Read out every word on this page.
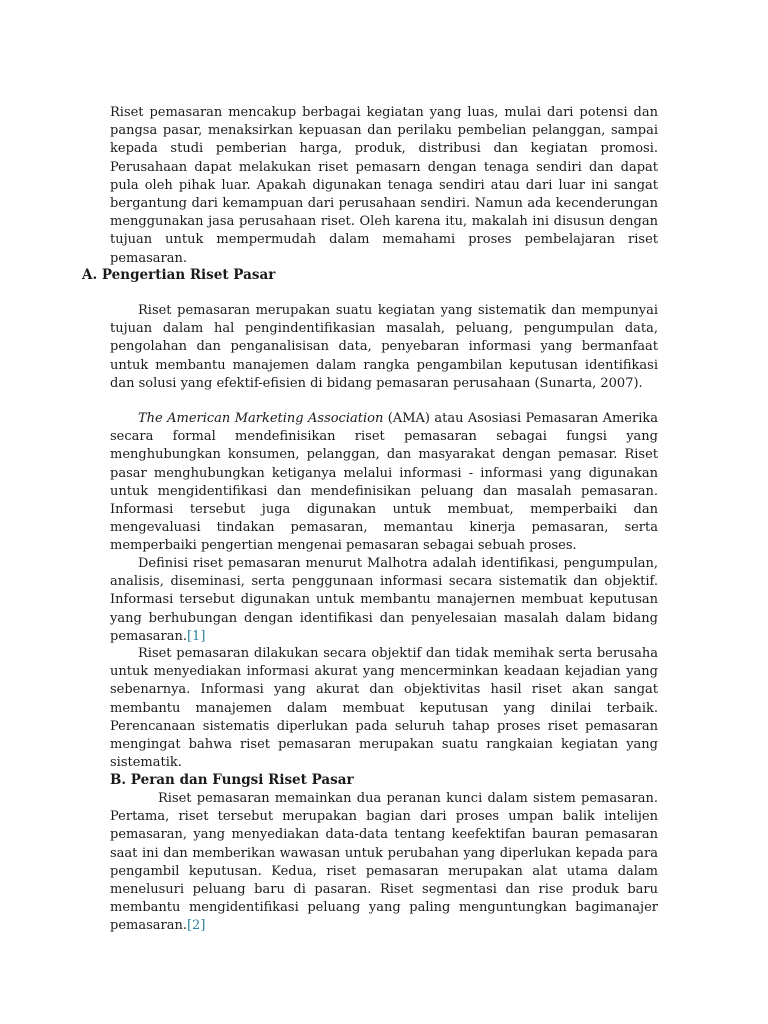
Riset pemasaran mencakup berbagai kegiatan yang luas, mulai dari potensi dan pangsa pasar, menaksirkan kepuasan dan perilaku pembelian pelanggan, sampai kepada studi pemberian harga, produk, distribusi dan kegiatan promosi. Perusahaan dapat melakukan riset pemasarn dengan tenaga sendiri dan dapat pula oleh pihak luar. Apakah digunakan tenaga sendiri atau dari luar ini sangat bergantung dari kemampuan dari perusahaan sendiri. Namun ada kecenderungan menggunakan jasa perusahaan riset. Oleh karena itu, makalah ini disusun dengan tujuan untuk mempermudah dalam memahami proses pembelajaran riset pemasaran.

A. Pengertian Riset Pasar

Riset pemasaran merupakan suatu kegiatan yang sistematik dan mempunyai tujuan dalam hal pengindentifikasian masalah, peluang, pengumpulan data, pengolahan dan penganalisisan data, penyebaran informasi yang bermanfaat untuk membantu manajemen dalam rangka pengambilan keputusan identifikasi dan solusi yang efektif-efisien di bidang pemasaran perusahaan (Sunarta, 2007).

The American Marketing Association (AMA) atau Asosiasi Pemasaran Amerika secara formal mendefinisikan riset pemasaran sebagai fungsi yang menghubungkan konsumen, pelanggan, dan masyarakat dengan pemasar. Riset pasar menghubungkan ketiganya melalui informasi - informasi yang digunakan untuk mengidentifikasi dan mendefinisikan peluang dan masalah pemasaran. Informasi tersebut juga digunakan untuk membuat, memperbaiki dan mengevaluasi tindakan pemasaran, memantau kinerja pemasaran, serta memperbaiki pengertian mengenai pemasaran sebagai sebuah proses.

Definisi riset pemasaran menurut Malhotra adalah identifikasi, pengumpulan, analisis, diseminasi, serta penggunaan informasi secara sistematik dan objektif. Informasi tersebut digunakan untuk membantu manajernen membuat keputusan yang berhubungan dengan identifikasi dan penyelesaian masalah dalam bidang pemasaran.[1]

Riset pemasaran dilakukan secara objektif dan tidak memihak serta berusaha untuk menyediakan informasi akurat yang mencerminkan keadaan kejadian yang sebenarnya. Informasi yang akurat dan objektivitas hasil riset akan sangat membantu manajemen dalam membuat keputusan yang dinilai terbaik. Perencanaan sistematis diperlukan pada seluruh tahap proses riset pemasaran mengingat bahwa riset pemasaran merupakan suatu rangkaian kegiatan yang sistematik.

B. Peran dan Fungsi Riset Pasar

Riset pemasaran memainkan dua peranan kunci dalam sistem pemasaran. Pertama, riset tersebut merupakan bagian dari proses umpan balik intelijen pemasaran, yang menyediakan data-data tentang keefektifan bauran pemasaran saat ini dan memberikan wawasan untuk perubahan yang diperlukan kepada para pengambil keputusan. Kedua, riset pemasaran merupakan alat utama dalam menelusuri peluang baru di pasaran. Riset segmentasi dan rise produk baru membantu mengidentifikasi peluang yang paling menguntungkan bagimanajer pemasaran.[2]
